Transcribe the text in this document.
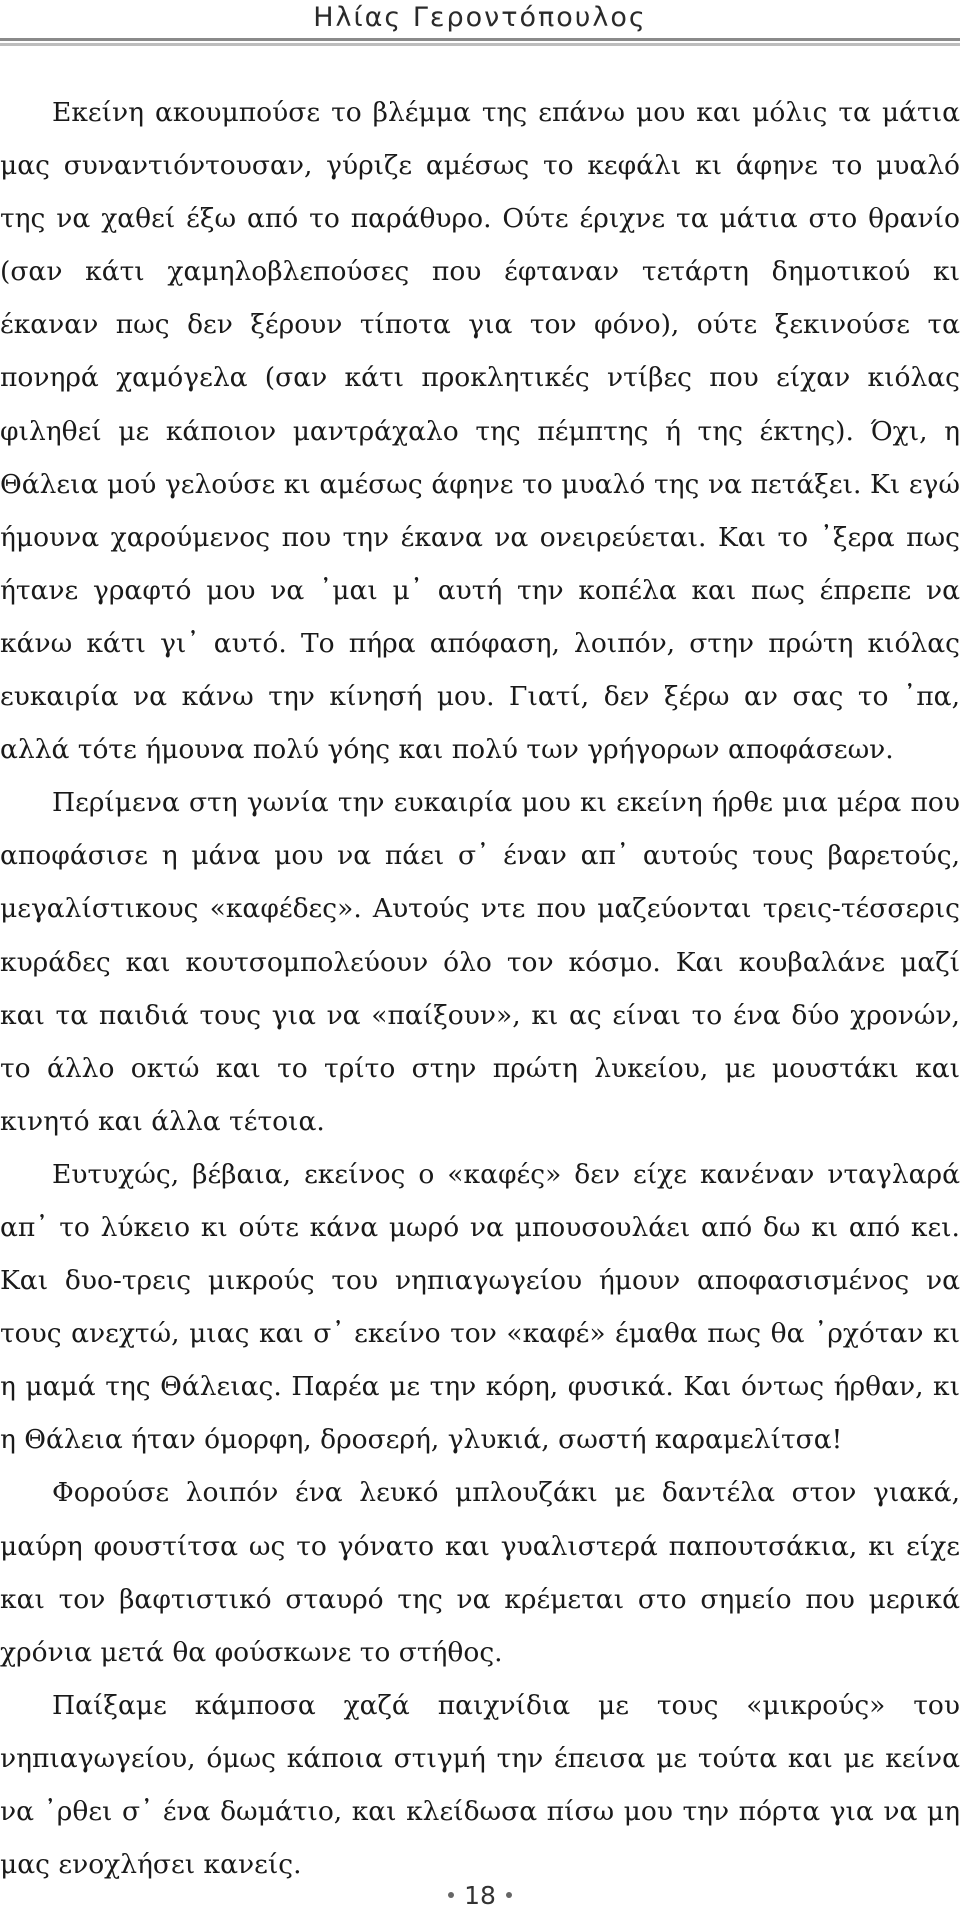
Ηλίας Γεροντόπουλος

Εκείνη ακουμπούσε το βλέμμα της επάνω μου και μόλις τα μάτια μας συναντιόντουσαν, γύριζε αμέσως το κεφάλι κι άφηνε το μυαλό της να χαθεί έξω από το παράθυρο. Ούτε έριχνε τα μάτια στο θρανίο (σαν κάτι χαμηλοβλεπούσες που έφταναν τετάρτη δημοτικού κι έκαναν πως δεν ξέρουν τίποτα για τον φόνο), ούτε ξεκινούσε τα πονηρά χαμόγελα (σαν κάτι προκλητικές ντίβες που είχαν κιόλας φιληθεί με κάποιον μαντράχαλο της πέμπτης ή της έκτης). Όχι, η Θάλεια μού γελούσε κι αμέσως άφηνε το μυαλό της να πετάξει. Κι εγώ ήμουνα χαρούμενος που την έκανα να ονειρεύεται. Και το ᾽ξερα πως ήτανε γραφτό μου να ᾽μαι μ᾽ αυτή την κοπέλα και πως έπρεπε να κάνω κάτι γι᾽ αυτό. Το πήρα απόφαση, λοιπόν, στην πρώτη κιόλας ευκαιρία να κάνω την κίνησή μου. Γιατί, δεν ξέρω αν σας το ᾽πα, αλλά τότε ήμουνα πολύ γόης και πολύ των γρήγορων αποφάσεων.

Περίμενα στη γωνία την ευκαιρία μου κι εκείνη ήρθε μια μέρα που αποφάσισε η μάνα μου να πάει σ᾽ έναν απ᾽ αυτούς τους βαρετούς, μεγαλίστικους «καφέδες». Αυτούς ντε που μαζεύονται τρεις-τέσσερις κυράδες και κουτσομπολεύουν όλο τον κόσμο. Και κουβαλάνε μαζί και τα παιδιά τους για να «παίξουν», κι ας είναι το ένα δύο χρονών, το άλλο οκτώ και το τρίτο στην πρώτη λυκείου, με μουστάκι και κινητό και άλλα τέτοια.

Ευτυχώς, βέβαια, εκείνος ο «καφές» δεν είχε κανέναν νταγλαρά απ᾽ το λύκειο κι ούτε κάνα μωρό να μπουσουλάει από δω κι από κει. Και δυο-τρεις μικρούς του νηπιαγωγείου ήμουν αποφασισμένος να τους ανεχτώ, μιας και σ᾽ εκείνο τον «καφέ» έμαθα πως θα ᾽ρχόταν κι η μαμά της Θάλειας. Παρέα με την κόρη, φυσικά. Και όντως ήρθαν, κι η Θάλεια ήταν όμορφη, δροσερή, γλυκιά, σωστή καραμελίτσα!

Φορούσε λοιπόν ένα λευκό μπλουζάκι με δαντέλα στον γιακά, μαύρη φουστίτσα ως το γόνατο και γυαλιστερά παπουτσάκια, κι είχε και τον βαφτιστικό σταυρό της να κρέμεται στο σημείο που μερικά χρόνια μετά θα φούσκωνε το στήθος.

Παίξαμε κάμποσα χαζά παιχνίδια με τους «μικρούς» του νηπιαγωγείου, όμως κάποια στιγμή την έπεισα με τούτα και με κείνα να ᾽ρθει σ᾽ ένα δωμάτιο, και κλείδωσα πίσω μου την πόρτα για να μη μας ενοχλήσει κανείς.

18
